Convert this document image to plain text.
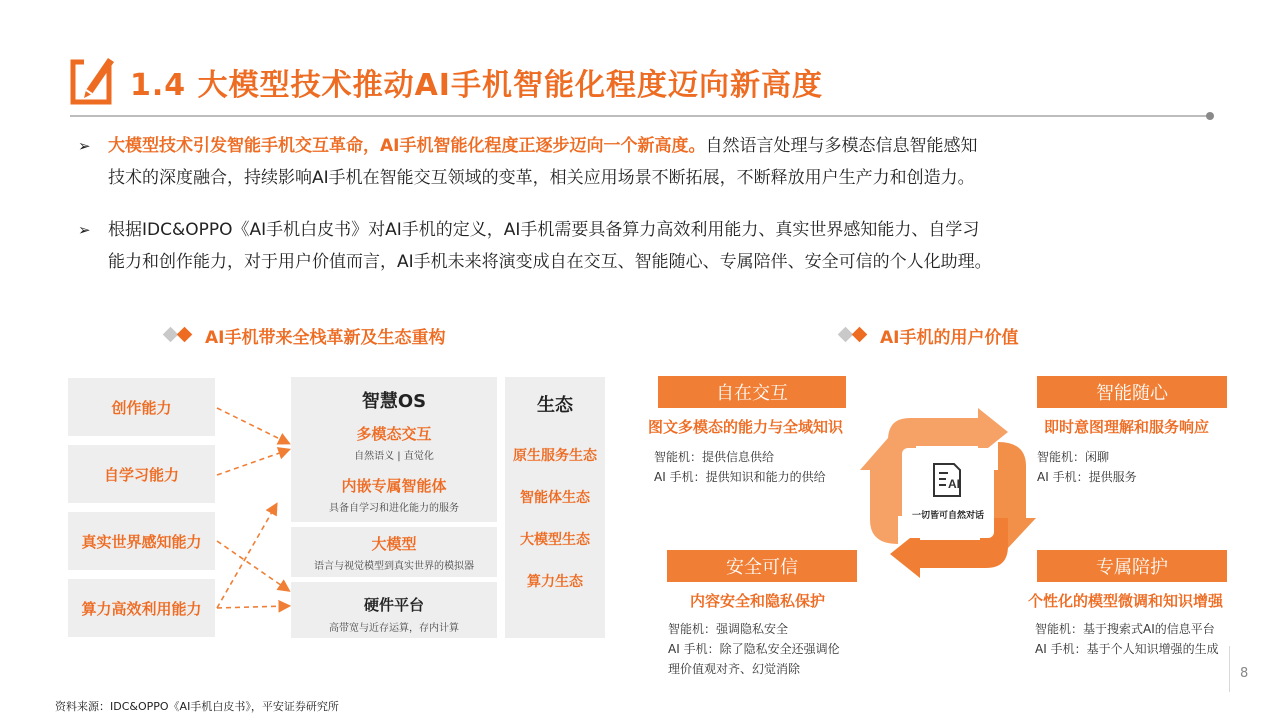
1.4 大模型技术推动AI手机智能化程度迈向新高度
➢ 大模型技术引发智能手机交互革命，AI手机智能化程度正逐步迈向一个新高度。自然语言处理与多模态信息智能感知
技术的深度融合，持续影响AI手机在智能交互领域的变革，相关应用场景不断拓展，不断释放用户生产力和创造力。
➢ 根据IDC&OPPO《AI手机白皮书》对AI手机的定义，AI手机需要具备算力高效利用能力、真实世界感知能力、自学习
能力和创作能力，对于用户价值而言，AI手机未来将演变成自在交互、智能随心、专属陪伴、安全可信的个人化助理。
AI手机带来全栈革新及生态重构	AI手机的用户价值
创作能力
自学习能力
真实世界感知能力
算力高效利用能力
智慧OS
多模态交互
自然语义 | 直觉化
内嵌专属智能体
具备自学习和进化能力的服务
大模型
语言与视觉模型到真实世界的模拟器
硬件平台
高带宽与近存运算，存内计算
生态
原生服务生态
智能体生态
大模型生态
算力生态
AI
一切皆可自然对话
自在交互
图文多模态的能力与全域知识
智能机：提供信息供给
AI 手机：提供知识和能力的供给
智能随心
即时意图理解和服务响应
智能机：闲聊
AI 手机：提供服务
安全可信
内容安全和隐私保护
智能机：强调隐私安全
AI 手机：除了隐私安全还强调伦
理价值观对齐、幻觉消除
专属陪护
个性化的模型微调和知识增强
智能机：基于搜索式AI的信息平台
AI 手机：基于个人知识增强的生成
8
资料来源：IDC&OPPO《AI手机白皮书》，平安证券研究所
